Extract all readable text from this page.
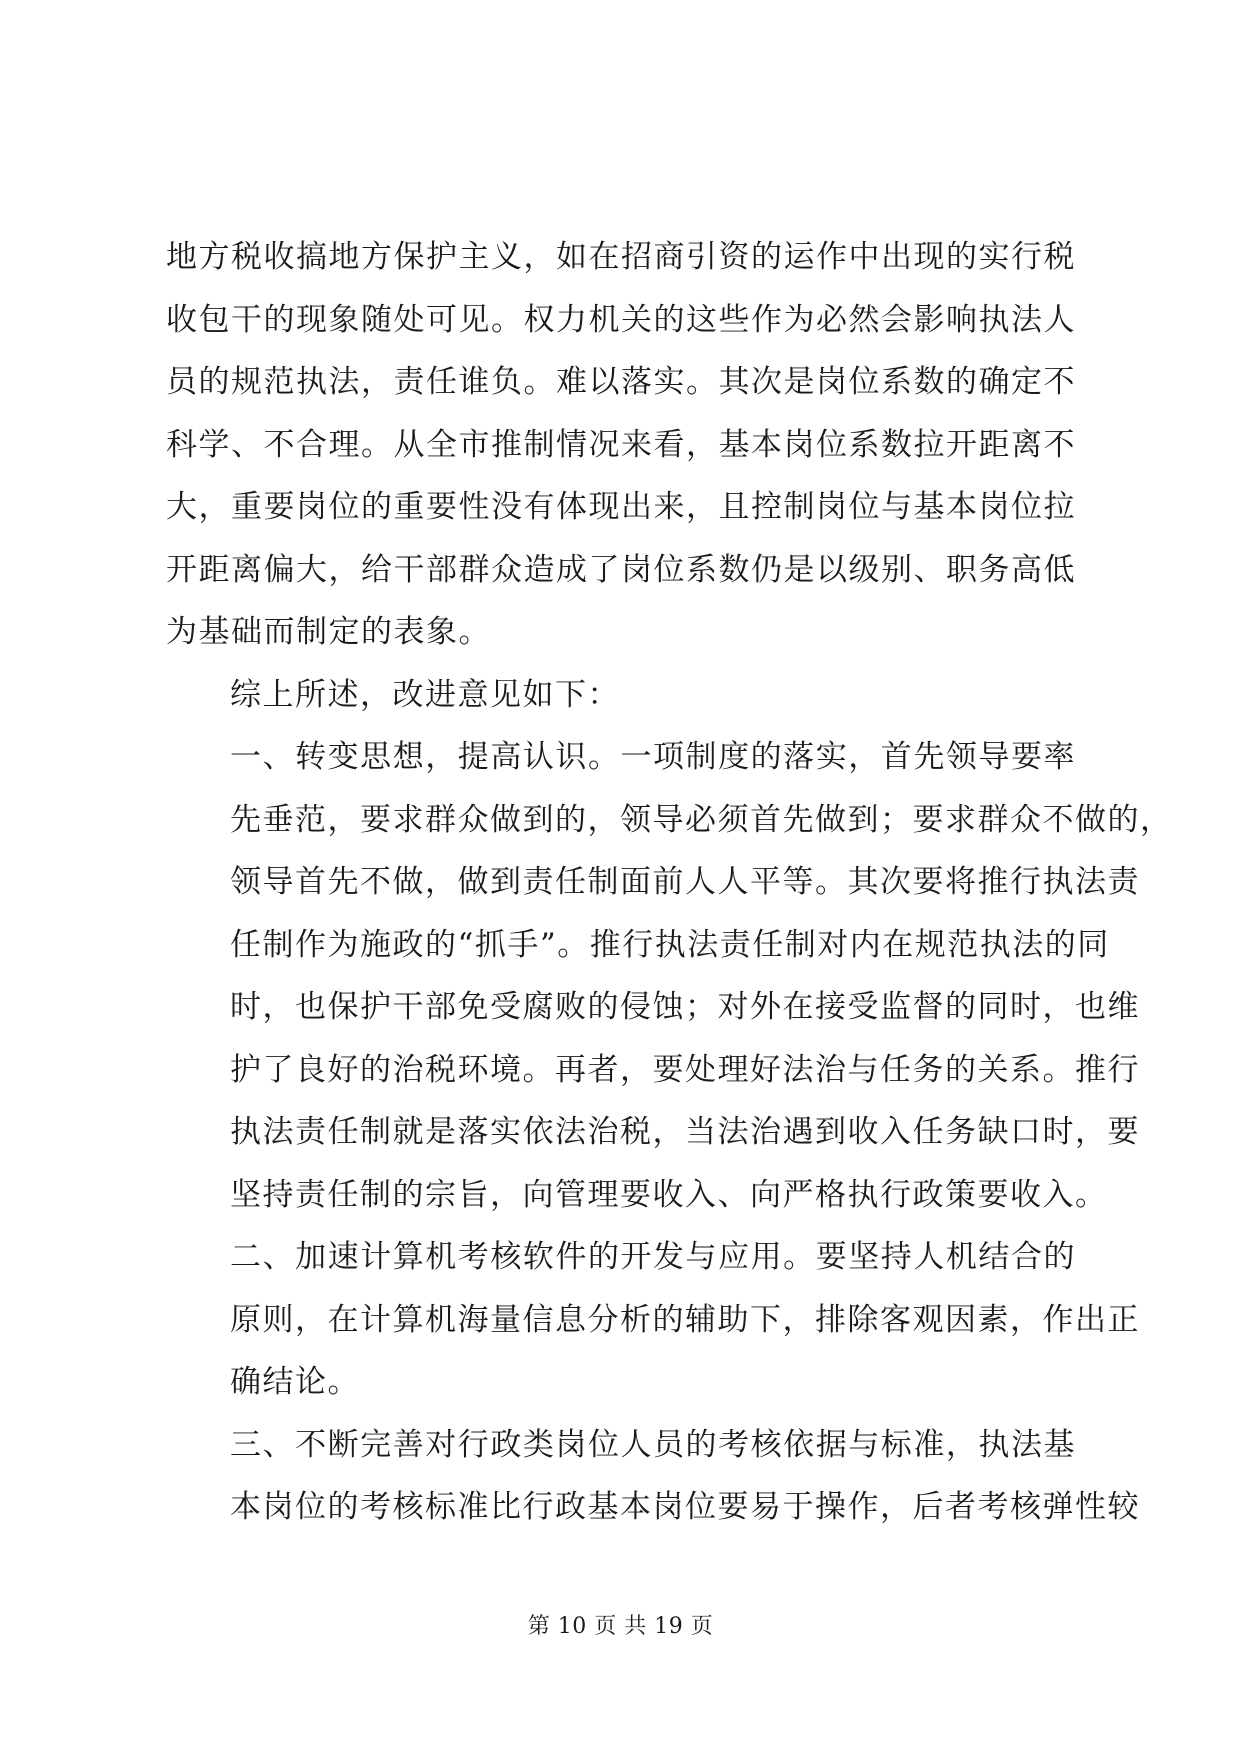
地方税收搞地方保护主义，如在招商引资的运作中出现的实行税
收包干的现象随处可见。权力机关的这些作为必然会影响执法人
员的规范执法，责任谁负。难以落实。其次是岗位系数的确定不
科学、不合理。从全市推制情况来看，基本岗位系数拉开距离不
大，重要岗位的重要性没有体现出来，且控制岗位与基本岗位拉
开距离偏大，给干部群众造成了岗位系数仍是以级别、职务高低
为基础而制定的表象。

综上所述，改进意见如下：

一、转变思想，提高认识。一项制度的落实，首先领导要率
先垂范，要求群众做到的，领导必须首先做到；要求群众不做的，
领导首先不做，做到责任制面前人人平等。其次要将推行执法责
任制作为施政的“抓手”。推行执法责任制对内在规范执法的同
时，也保护干部免受腐败的侵蚀；对外在接受监督的同时，也维
护了良好的治税环境。再者，要处理好法治与任务的关系。推行
执法责任制就是落实依法治税，当法治遇到收入任务缺口时，要
坚持责任制的宗旨，向管理要收入、向严格执行政策要收入。

二、加速计算机考核软件的开发与应用。要坚持人机结合的
原则，在计算机海量信息分析的辅助下，排除客观因素，作出正
确结论。

三、不断完善对行政类岗位人员的考核依据与标准，执法基
本岗位的考核标准比行政基本岗位要易于操作，后者考核弹性较

第 10 页 共 19 页
